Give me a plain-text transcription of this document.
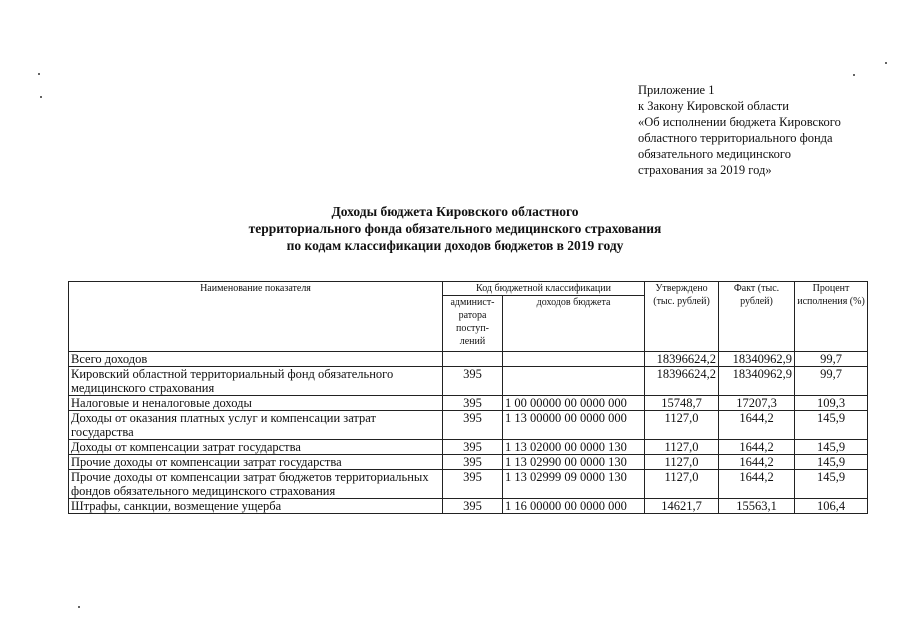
Приложение 1
к Закону Кировской области
«Об исполнении бюджета Кировского
областного территориального фонда
обязательного медицинского
страхования за 2019 год»
Доходы бюджета Кировского областного
территориального фонда обязательного медицинского страхования
по кодам классификации доходов бюджетов в 2019 году
Наименование показателя	Код бюджетной классификации		Утверждено (тыс. рублей)	Факт (тыс. рублей)	Процент исполнения (%)
	админист- ратора поступ- лений	доходов бюджета			
Всего доходов			18396624,2	18340962,9	99,7
Кировский областной территориальный фонд обязательного медицинского страхования	395		18396624,2	18340962,9	99,7
Налоговые и неналоговые доходы	395	1 00 00000 00 0000 000	15748,7	17207,3	109,3
Доходы от оказания платных услуг и компенсации затрат государства	395	1 13 00000 00 0000 000	1127,0	1644,2	145,9
Доходы от компенсации затрат государства	395	1 13 02000 00 0000 130	1127,0	1644,2	145,9
Прочие доходы от компенсации затрат государства	395	1 13 02990 00 0000 130	1127,0	1644,2	145,9
Прочие доходы от компенсации затрат бюджетов территориальных фондов обязательного медицинского страхования	395	1 13 02999 09 0000 130	1127,0	1644,2	145,9
Штрафы, санкции, возмещение ущерба	395	1 16 00000 00 0000 000	14621,7	15563,1	106,4
